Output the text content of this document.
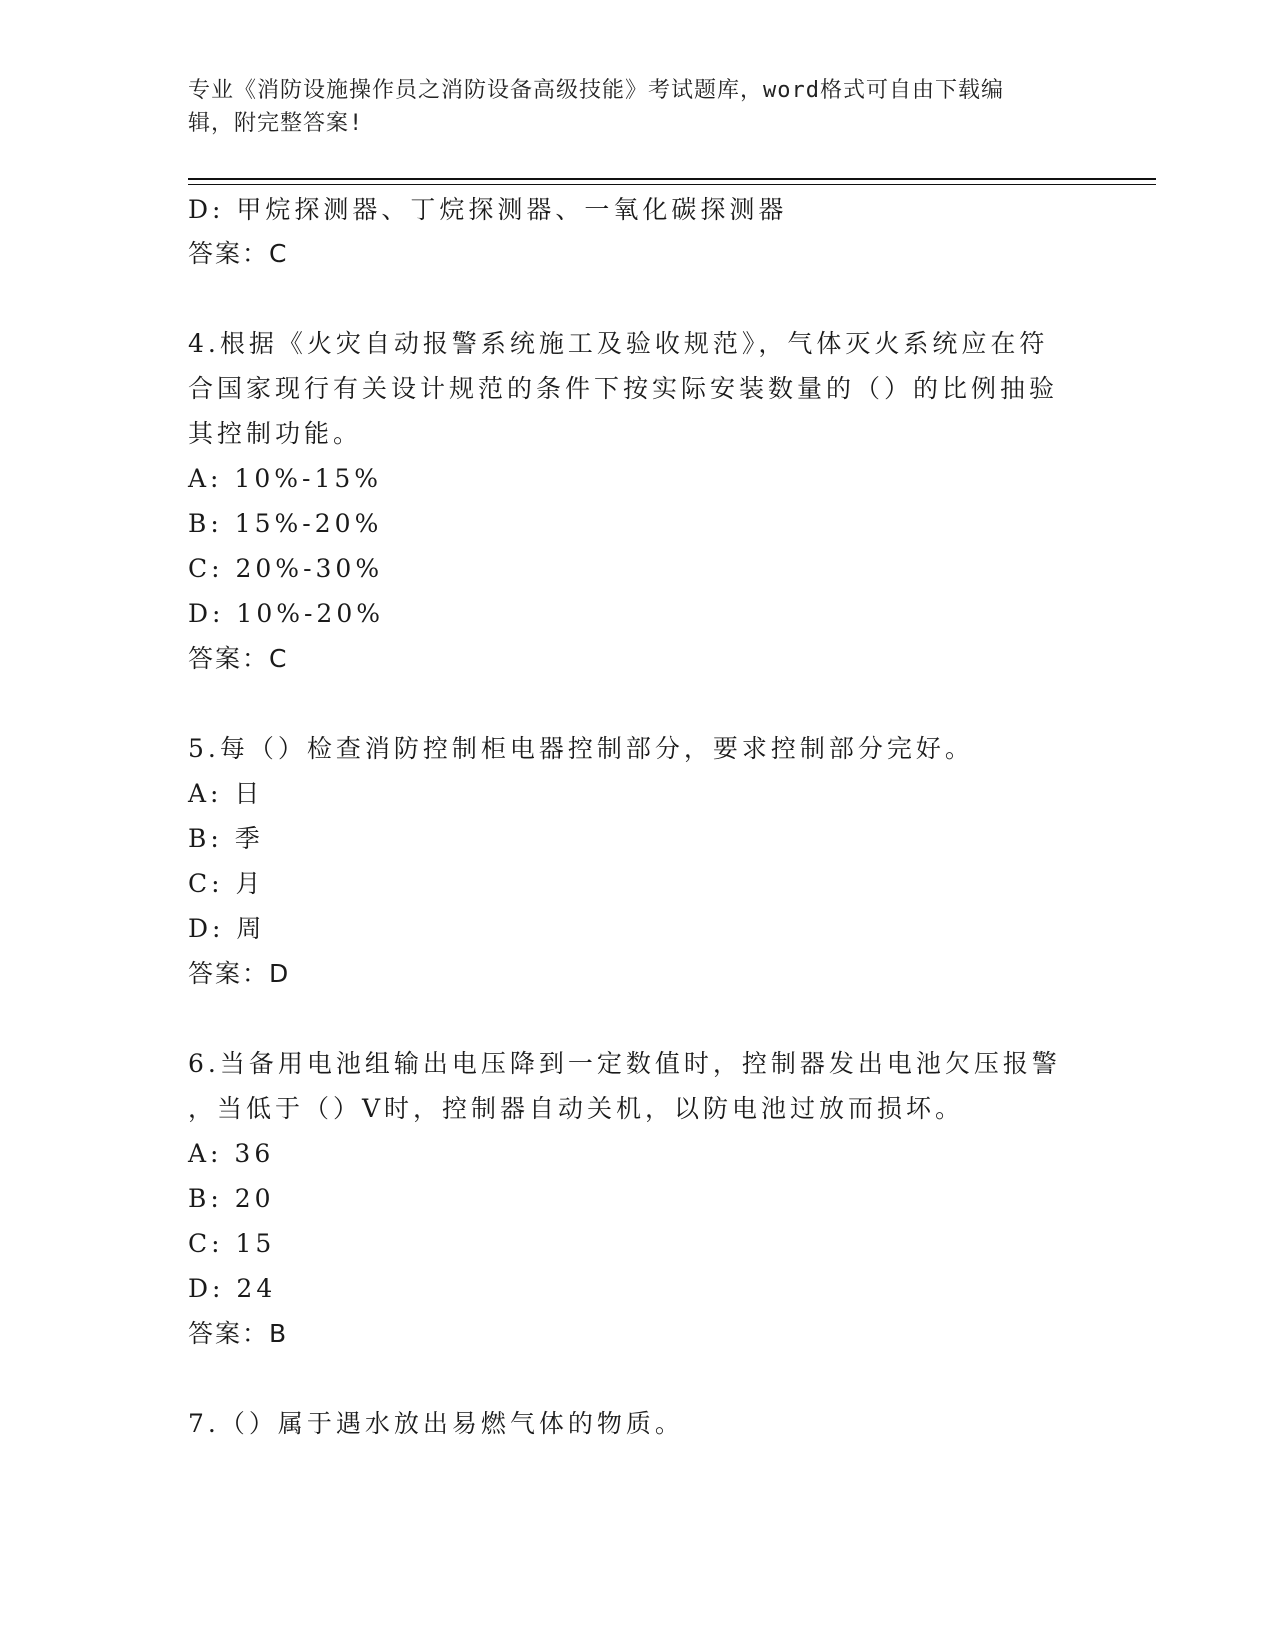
专业《消防设施操作员之消防设备高级技能》考试题库，word格式可自由下载编
辑，附完整答案!
D: 甲烷探测器、丁烷探测器、一氧化碳探测器
答案：C
4.根据《火灾自动报警系统施工及验收规范》，气体灭火系统应在符
合国家现行有关设计规范的条件下按实际安装数量的（）的比例抽验
其控制功能。
A: 10%-15%
B: 15%-20%
C: 20%-30%
D: 10%-20%
答案：C
5.每（）检查消防控制柜电器控制部分，要求控制部分完好。
A: 日
B: 季
C: 月
D: 周
答案：D
6.当备用电池组输出电压降到一定数值时，控制器发出电池欠压报警
，当低于（）V时，控制器自动关机，以防电池过放而损坏。
A: 36
B: 20
C: 15
D: 24
答案：B
7.（）属于遇水放出易燃气体的物质。
